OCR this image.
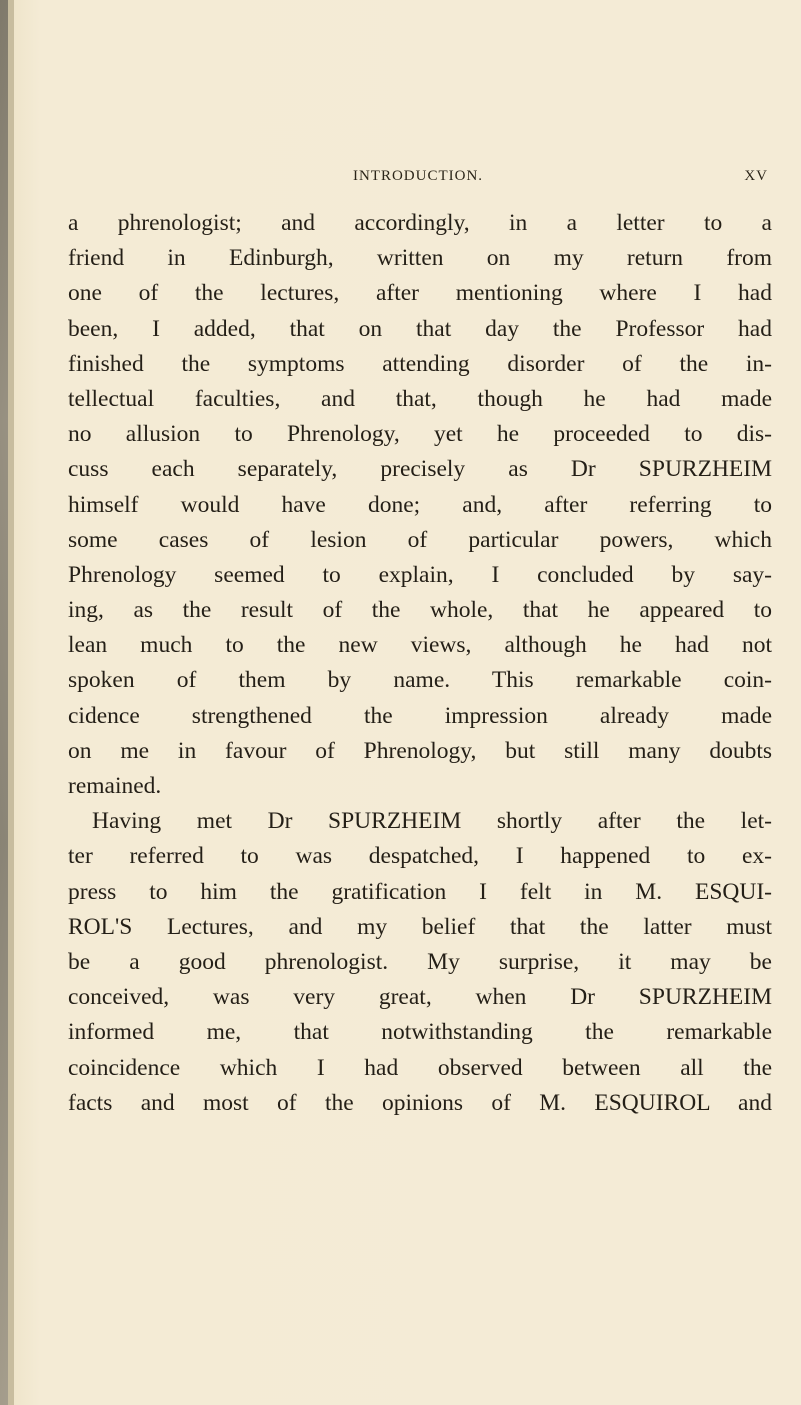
INTRODUCTION.	XV
a phrenologist; and accordingly, in a letter to a
friend in Edinburgh, written on my return from
one of the lectures, after mentioning where I had
been, I added, that on that day the Professor had
finished the symptoms attending disorder of the in-
tellectual faculties, and that, though he had made
no allusion to Phrenology, yet he proceeded to dis-
cuss each separately, precisely as Dr SPURZHEIM
himself would have done; and, after referring to
some cases of lesion of particular powers, which
Phrenology seemed to explain, I concluded by say-
ing, as the result of the whole, that he appeared to
lean much to the new views, although he had not
spoken of them by name. This remarkable coin-
cidence strengthened the impression already made
on me in favour of Phrenology, but still many doubts
remained.
Having met Dr SPURZHEIM shortly after the let-
ter referred to was despatched, I happened to ex-
press to him the gratification I felt in M. ESQUI-
ROL'S Lectures, and my belief that the latter must
be a good phrenologist. My surprise, it may be
conceived, was very great, when Dr SPURZHEIM
informed me, that notwithstanding the remarkable
coincidence which I had observed between all the
facts and most of the opinions of M. ESQUIROL and
